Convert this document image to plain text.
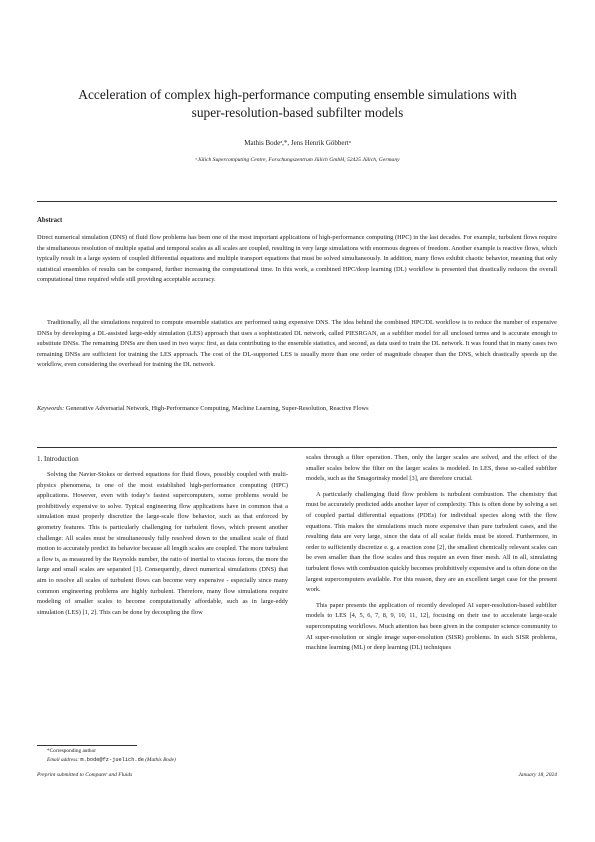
Acceleration of complex high-performance computing ensemble simulations with
super-resolution-based subfilter models
Mathis Bodeᵃ,*, Jens Henrik Göbbertᵃ
ᵃJülich Supercomputing Centre, Forschungszentrum Jülich GmbH, 52425 Jülich, Germany
Abstract

Direct numerical simulation (DNS) of fluid flow problems has been one of the most important applications of high-performance computing (HPC) in the last decades. For example, turbulent flows require the simultaneous resolution of multiple spatial and temporal scales as all scales are coupled, resulting in very large simulations with enormous degrees of freedom. Another example is reactive flows, which typically result in a large system of coupled differential equations and multiple transport equations that must be solved simultaneously. In addition, many flows exhibit chaotic behavior, meaning that only statistical ensembles of results can be compared, further increasing the computational time. In this work, a combined HPC/deep learning (DL) workflow is presented that drastically reduces the overall computational time required while still providing acceptable accuracy.

Traditionally, all the simulations required to compute ensemble statistics are performed using expensive DNS. The idea behind the combined HPC/DL workflow is to reduce the number of expensive DNSs by developing a DL-assisted large-eddy simulation (LES) approach that uses a sophisticated DL network, called PIESRGAN, as a subfilter model for all unclosed terms and is accurate enough to substitute DNSs. The remaining DNSs are then used in two ways: first, as data contributing to the ensemble statistics, and second, as data used to train the DL network. It was found that in many cases two remaining DNSs are sufficient for training the LES approach. The cost of the DL-supported LES is usually more than one order of magnitude cheaper than the DNS, which drastically speeds up the workflow, even considering the overhead for training the DL network.

Keywords: Generative Adversarial Network, High-Performance Computing, Machine Learning, Super-Resolution, Reactive Flows

1. Introduction

Solving the Navier-Stokes or derived equations for fluid flows, possibly coupled with multi-physics phenomena, is one of the most established high-performance computing (HPC) applications. However, even with today’s fastest supercomputers, some problems would be prohibitively expensive to solve. Typical engineering flow applications have in common that a simulation must properly discretize the large-scale flow behavior, such as that enforced by geometry features. This is particularly challenging for turbulent flows, which present another challenge: All scales must be simultaneously fully resolved down to the smallest scale of fluid motion to accurately predict its behavior because all length scales are coupled. The more turbulent a flow is, as measured by the Reynolds number, the ratio of inertial to viscous forces, the more the large and small scales are separated [1]. Consequently, direct numerical simulations (DNS) that aim to resolve all scales of turbulent flows can become very expensive - especially since many common engineering problems are highly turbulent. Therefore, many flow simulations require modeling of smaller scales to become computationally affordable, such as in large-eddy simulation (LES) [1, 2]. This can be done by decoupling the flow

scales through a filter operation. Then, only the larger scales are solved, and the effect of the smaller scales below the filter on the larger scales is modeled. In LES, these so-called subfilter models, such as the Smagorinsky model [3], are therefore crucial.

A particularly challenging fluid flow problem is turbulent combustion. The chemistry that must be accurately predicted adds another layer of complexity. This is often done by solving a set of coupled partial differential equations (PDEs) for individual species along with the flow equations. This makes the simulations much more expensive than pure turbulent cases, and the resulting data are very large, since the data of all scalar fields must be stored. Furthermore, in order to sufficiently discretize e. g. a reaction zone [2], the smallest chemically relevant scales can be even smaller than the flow scales and thus require an even finer mesh. All in all, simulating turbulent flows with combustion quickly becomes prohibitively expensive and is often done on the largest supercomputers available. For this reason, they are an excellent target case for the present work.

This paper presents the application of recently developed AI super-resolution-based subfilter models to LES [4, 5, 6, 7, 8, 9, 10, 11, 12], focusing on their use to accelerate large-scale supercomputing workflows. Much attention has been given in the computer science community to AI super-resolution or single image super-resolution (SISR) problems. In such SISR problems, machine learning (ML) or deep learning (DL) techniques

*Corresponding author
Email address: m.bode@fz-juelich.de (Mathis Bode)
Preprint submitted to Computer and Fluids	January 18, 2024
